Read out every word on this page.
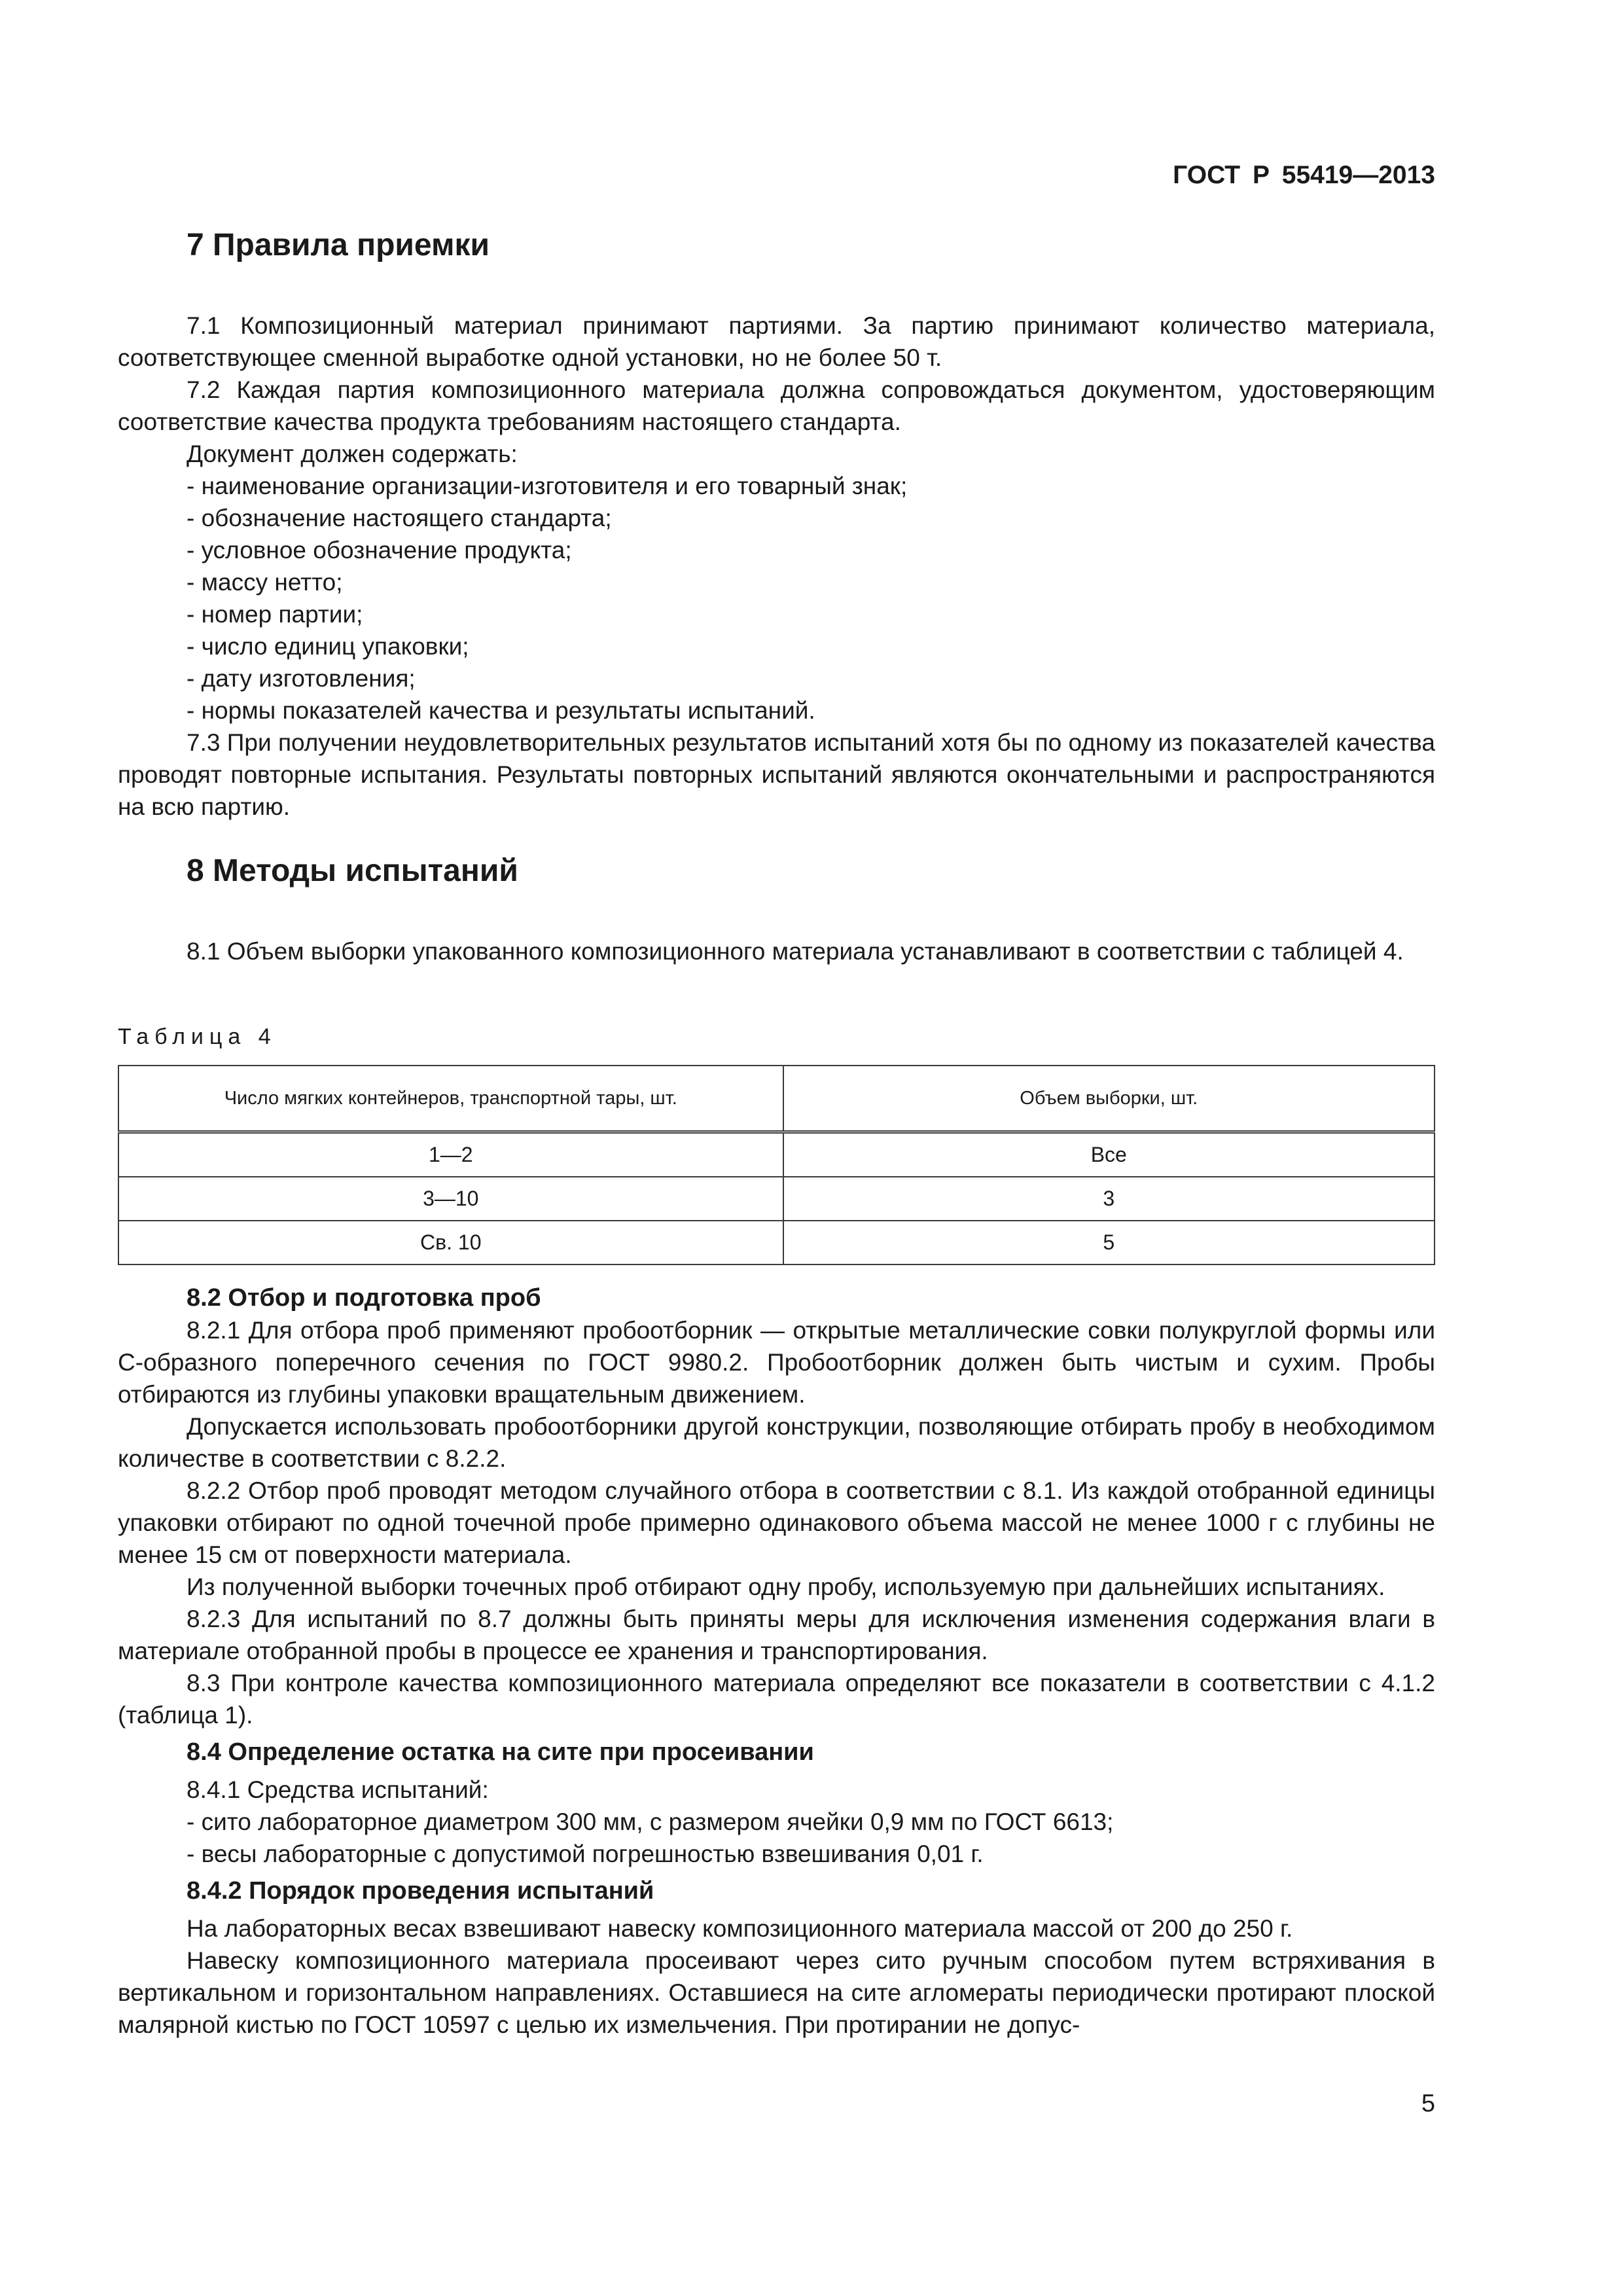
ГОСТ Р 55419—2013
7 Правила приемки

7.1 Композиционный материал принимают партиями. За партию принимают количество материала, соответствующее сменной выработке одной установки, но не более 50 т.

7.2 Каждая партия композиционного материала должна сопровождаться документом, удостоверяющим соответствие качества продукта требованиям настоящего стандарта.

Документ должен содержать:

- наименование организации-изготовителя и его товарный знак;

- обозначение настоящего стандарта;

- условное обозначение продукта;

- массу нетто;

- номер партии;

- число единиц упаковки;

- дату изготовления;

- нормы показателей качества и результаты испытаний.

7.3 При получении неудовлетворительных результатов испытаний хотя бы по одному из показателей качества проводят повторные испытания. Результаты повторных испытаний являются окончательными и распространяются на всю партию.

8 Методы испытаний

8.1 Объем выборки упакованного композиционного материала устанавливают в соответствии с таблицей 4.

Таблица 4
Число мягких контейнеров, транспортной тары, шт.	Объем выборки, шт.
1—2	Все
3—10	3
Св. 10	5
8.2 Отбор и подготовка проб

8.2.1 Для отбора проб применяют пробоотборник — открытые металлические совки полукруглой формы или С-образного поперечного сечения по ГОСТ 9980.2. Пробоотборник должен быть чистым и сухим. Пробы отбираются из глубины упаковки вращательным движением.

Допускается использовать пробоотборники другой конструкции, позволяющие отбирать пробу в необходимом количестве в соответствии с 8.2.2.

8.2.2 Отбор проб проводят методом случайного отбора в соответствии с 8.1. Из каждой отобранной единицы упаковки отбирают по одной точечной пробе примерно одинакового объема массой не менее 1000 г с глубины не менее 15 см от поверхности материала.

Из полученной выборки точечных проб отбирают одну пробу, используемую при дальнейших испытаниях.

8.2.3 Для испытаний по 8.7 должны быть приняты меры для исключения изменения содержания влаги в материале отобранной пробы в процессе ее хранения и транспортирования.

8.3 При контроле качества композиционного материала определяют все показатели в соответствии с 4.1.2 (таблица 1).

8.4 Определение остатка на сите при просеивании

8.4.1 Средства испытаний:

- сито лабораторное диаметром 300 мм, с размером ячейки 0,9 мм по ГОСТ 6613;

- весы лабораторные с допустимой погрешностью взвешивания 0,01 г.

8.4.2 Порядок проведения испытаний

На лабораторных весах взвешивают навеску композиционного материала массой от 200 до 250 г.

Навеску композиционного материала просеивают через сито ручным способом путем встряхивания в вертикальном и горизонтальном направлениях. Оставшиеся на сите агломераты периодически протирают плоской малярной кистью по ГОСТ 10597 с целью их измельчения. При протирании не допус-

5
